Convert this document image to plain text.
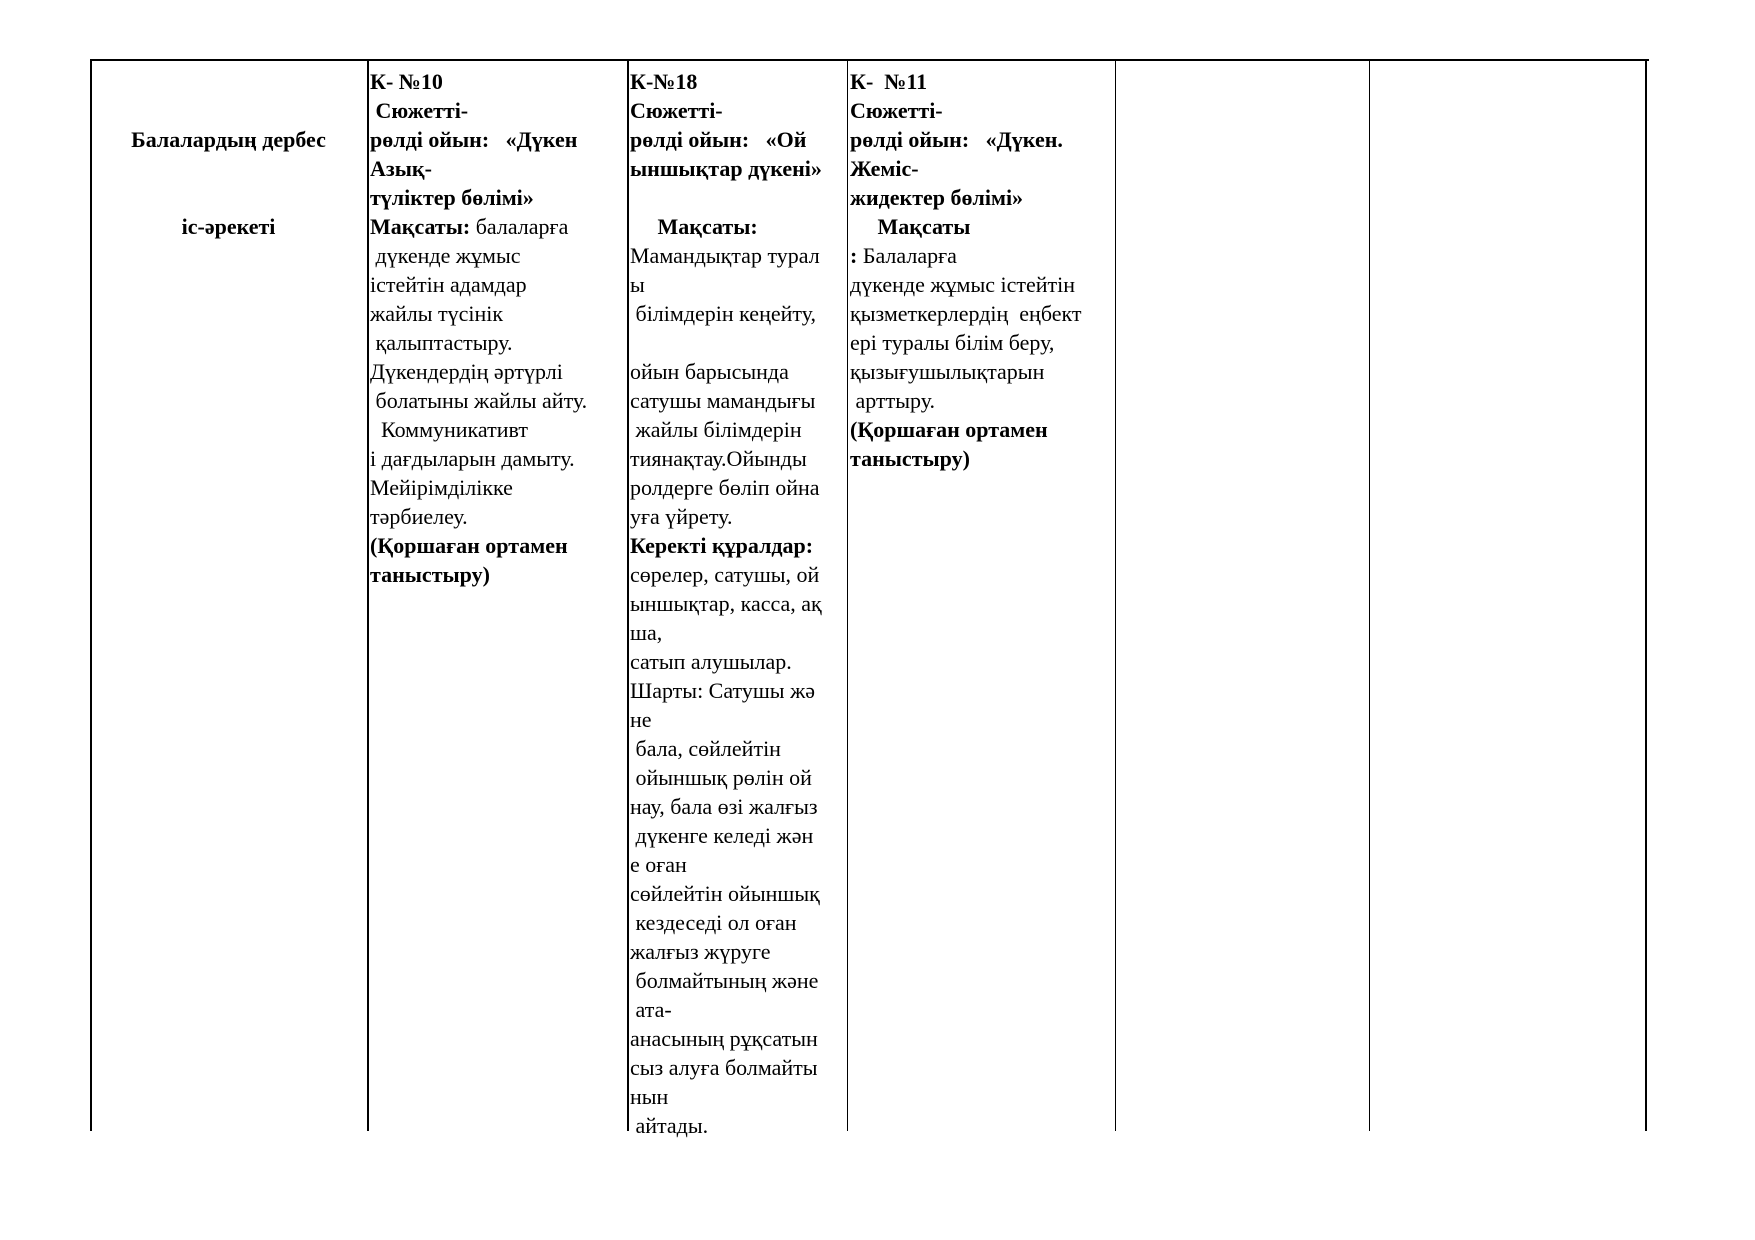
Балалардың дербес

іс-әрекеті

К- №10
Сюжетті-
рөлді ойын:   «Дүкен
Азық-
түліктер бөлімі»
Мақсаты: балаларға
дүкенде жұмыс
істейтін адамдар
жайлы түсінік
қалыптастыру.
Дүкендердің әртүрлі
болатыны жайлы айту.
Коммуникативт
і дағдыларын дамыту.
Мейірімділікке
тәрбиелеу.
(Қоршаған ортамен
таныстыру)
К-№18
Сюжетті-
рөлді ойын:   «Ой
ыншықтар дүкені»
Мақсаты:
Мамандықтар турал
ы
білімдерін кеңейту,
ойын барысында
сатушы мамандығы
жайлы білімдерін
тиянақтау.Ойынды
ролдерге бөліп ойна
уға үйрету.
Керекті құралдар:
сөрелер, сатушы, ой
ыншықтар, касса, ақ
ша,
сатып алушылар.
Шарты: Сатушы жә
не
бала, сөйлейтін
ойыншық рөлін ой
нау, бала өзі жалғыз
дүкенге келеді жән
е оған
сөйлейтін ойыншық
кездеседі ол оған
жалғыз жүруге
болмайтының және
ата-
анасының рұқсатын
сыз алуға болмайты
нын
айтады.
К-  №11
Сюжетті-
рөлді ойын:   «Дүкен.
Жеміс-
жидектер бөлімі»
Мақсаты
: Балаларға
дүкенде жұмыс істейтін
қызметкерлердің  еңбект
ері туралы білім беру,
қызығушылықтарын
арттыру.
(Қоршаған ортамен
таныстыру)
